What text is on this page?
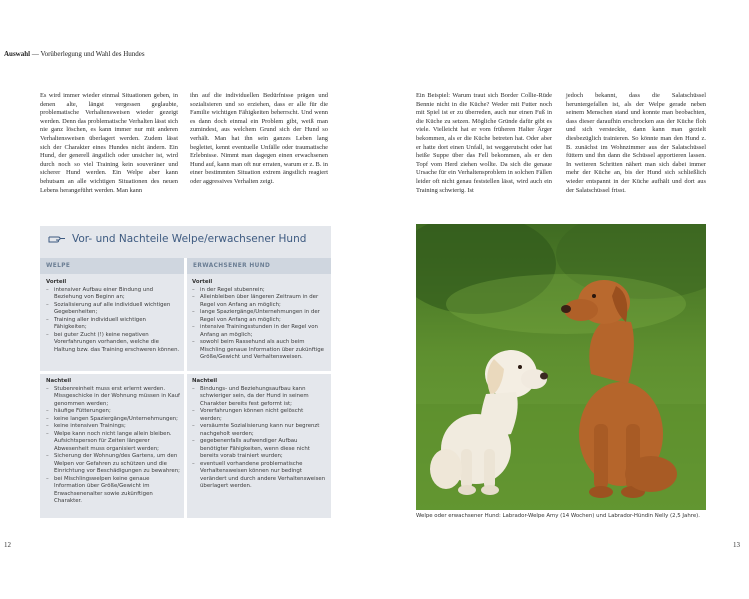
Auswahl — Vorüberlegung und Wahl des Hundes
Es wird immer wieder einmal Situationen geben, in denen alte, längst vergessen geglaubte, problematische Verhaltensweisen wieder gezeigt werden. Denn das problematische Verhalten lässt sich nie ganz löschen, es kann immer nur mit anderen Verhaltensweisen überlagert werden. Zudem lässt sich der Charakter eines Hundes nicht ändern. Ein Hund, der generell ängstlich oder unsicher ist, wird durch noch so viel Training kein souveräner und sicherer Hund werden. Ein Welpe aber kann behutsam an alle wichtigen Situationen des neuen Lebens herangeführt werden. Man kann
ihn auf die individuellen Bedürfnisse prägen und sozialisieren und so erziehen, dass er alle für die Familie wichtigen Fähigkeiten beherrscht. Und wenn es dann doch einmal ein Problem gibt, weiß man zumindest, aus welchem Grund sich der Hund so verhält. Man hat ihn sein ganzes Leben lang begleitet, kennt eventuelle Unfälle oder traumatische Erlebnisse. Nimmt man dagegen einen erwachsenen Hund auf, kann man oft nur erraten, warum er z. B. in einer bestimmten Situation extrem ängstlich reagiert oder aggressives Verhalten zeigt.
Ein Beispiel: Warum traut sich Border Collie-Rüde Bennie nicht in die Küche? Weder mit Futter noch mit Spiel ist er zu überreden, auch nur einen Fuß in die Küche zu setzen. Mögliche Gründe dafür gibt es viele. Vielleicht hat er vom früheren Halter Ärger bekommen, als er die Küche betreten hat. Oder aber er hatte dort einen Unfall, ist weggerutscht oder hat heiße Suppe über das Fell bekommen, als er den Topf vom Herd ziehen wollte. Da sich die genaue Ursache für ein Verhaltensproblem in solchen Fällen leider oft nicht genau feststellen lässt, wird auch ein Training schwierig. Ist
jedoch bekannt, dass die Salatschüssel heruntergefallen ist, als der Welpe gerade neben seinem Menschen stand und konnte man beobachten, dass dieser daraufhin erschrocken aus der Küche floh und sich versteckte, dann kann man gezielt diesbezüglich trainieren. So könnte man den Hund z. B. zunächst im Wohnzimmer aus der Salatschüssel füttern und ihn dann die Schüssel apportieren lassen. In weiteren Schritten nähert man sich dabei immer mehr der Küche an, bis der Hund sich schließlich wieder entspannt in der Küche aufhält und dort aus der Salatschüssel frisst.
Vor- und Nachteile Welpe/erwachsener Hund
WELPE	ERWACHSENER HUND
Vorteil
– intensiver Aufbau einer Bindung und Beziehung von Beginn an;
– Sozialisierung auf alle individuell wichtigen Gegebenheiten;
– Training aller individuell wichtigen Fähigkeiten;
– bei guter Zucht (!) keine negativen Vorerfahrungen vorhanden, welche die Haltung bzw. das Training erschweren können.
Vorteil
– in der Regel stubenrein;
– Alleinbleiben über längeren Zeitraum in der Regel von Anfang an möglich;
– lange Spaziergänge/Unternehmungen in der Regel von Anfang an möglich;
– intensive Trainingsstunden in der Regel von Anfang an möglich;
– sowohl beim Rassehund als auch beim Mischling genaue Information über zukünftige Größe/Gewicht und Verhaltensweisen.
Nachteil
– Stubenreinheit muss erst erlernt werden. Missgeschicke in der Wohnung müssen in Kauf genommen werden;
– häufige Fütterungen;
– keine langen Spaziergänge/Unternehmungen;
– keine intensiven Trainings;
– Welpe kann noch nicht lange allein bleiben. Aufsichtsperson für Zeiten längerer Abwesenheit muss organisiert werden;
– Sicherung der Wohnung/des Gartens, um den Welpen vor Gefahren zu schützen und die Einrichtung vor Beschädigungen zu bewahren;
– bei Mischlingswelpen keine genaue Information über Größe/Gewicht im Erwachsenenalter sowie zukünftigen Charakter.
Nachteil
– Bindungs- und Beziehungsaufbau kann schwieriger sein, da der Hund in seinem Charakter bereits fest geformt ist;
– Vorerfahrungen können nicht gelöscht werden;
– versäumte Sozialisierung kann nur begrenzt nachgeholt werden;
– gegebenenfalls aufwendiger Aufbau benötigter Fähigkeiten, wenn diese nicht bereits vorab trainiert wurden;
– eventuell vorhandene problematische Verhaltensweisen können nur bedingt verändert und durch andere Verhaltensweisen überlagert werden.
Welpe oder erwachsener Hund: Labrador-Welpe Amy (14 Wochen) und Labrador-Hündin Nelly (2,5 Jahre).
12	13
